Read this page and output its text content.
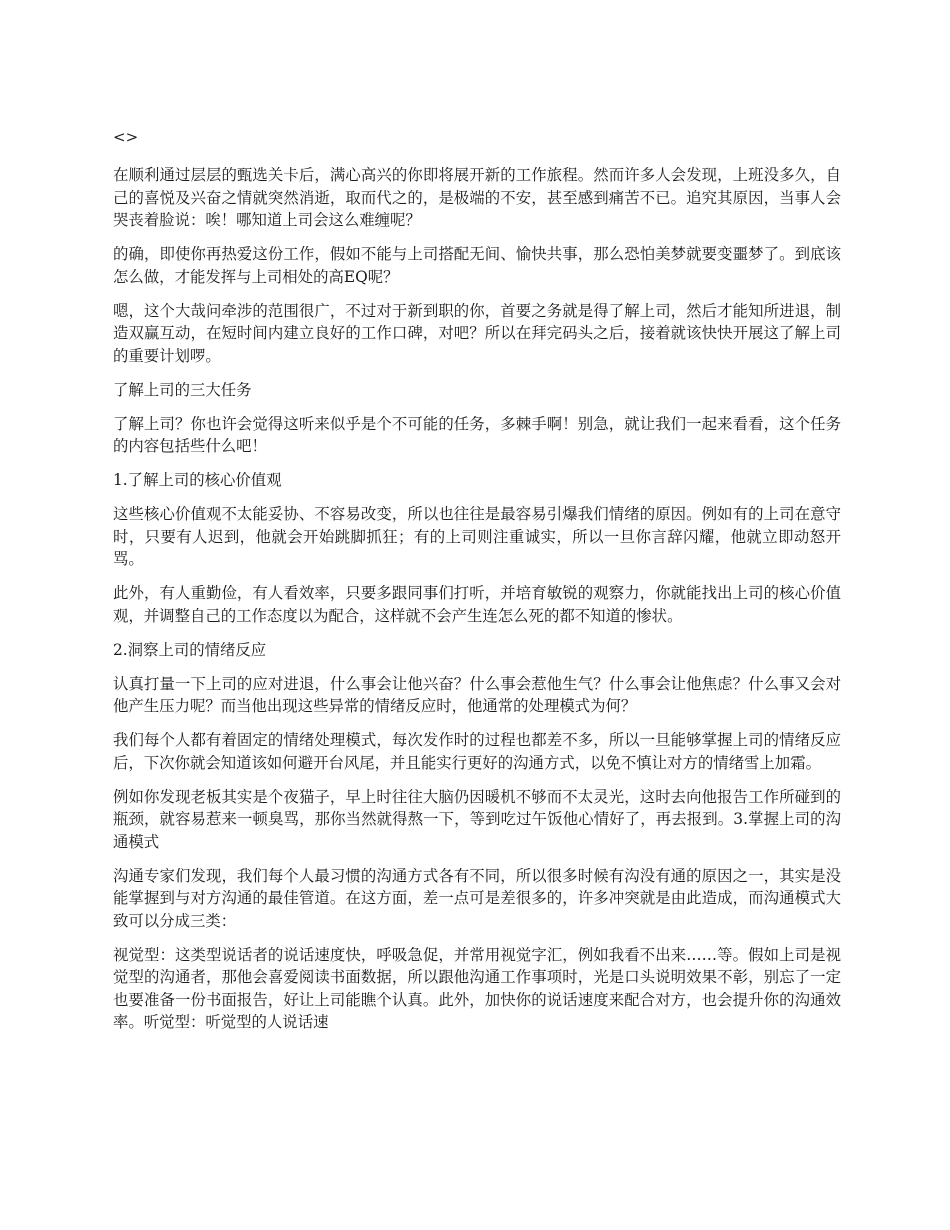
<>

在顺利通过层层的甄选关卡后，满心高兴的你即将展开新的工作旅程。然而许多人会发现，上班没多久，自己的喜悦及兴奋之情就突然消逝，取而代之的，是极端的不安，甚至感到痛苦不已。追究其原因，当事人会哭丧着脸说：唉！哪知道上司会这么难缠呢？

的确，即使你再热爱这份工作，假如不能与上司搭配无间、愉快共事，那么恐怕美梦就要变噩梦了。到底该怎么做，才能发挥与上司相处的高EQ呢？

嗯，这个大哉问牵涉的范围很广，不过对于新到职的你，首要之务就是得了解上司，然后才能知所进退，制造双赢互动，在短时间内建立良好的工作口碑，对吧？所以在拜完码头之后，接着就该快快开展这了解上司的重要计划啰。

了解上司的三大任务

了解上司？你也许会觉得这听来似乎是个不可能的任务，多棘手啊！别急，就让我们一起来看看，这个任务的内容包括些什么吧！

1.了解上司的核心价值观

这些核心价值观不太能妥协、不容易改变，所以也往往是最容易引爆我们情绪的原因。例如有的上司在意守时，只要有人迟到，他就会开始跳脚抓狂；有的上司则注重诚实，所以一旦你言辞闪耀，他就立即动怒开骂。

此外，有人重勤俭，有人看效率，只要多跟同事们打听，并培育敏锐的观察力，你就能找出上司的核心价值观，并调整自己的工作态度以为配合，这样就不会产生连怎么死的都不知道的惨状。

2.洞察上司的情绪反应

认真打量一下上司的应对进退，什么事会让他兴奋？什么事会惹他生气？什么事会让他焦虑？什么事又会对他产生压力呢？而当他出现这些异常的情绪反应时，他通常的处理模式为何？

我们每个人都有着固定的情绪处理模式，每次发作时的过程也都差不多，所以一旦能够掌握上司的情绪反应后，下次你就会知道该如何避开台风尾，并且能实行更好的沟通方式，以免不慎让对方的情绪雪上加霜。

例如你发现老板其实是个夜猫子，早上时往往大脑仍因暖机不够而不太灵光，这时去向他报告工作所碰到的瓶颈，就容易惹来一顿臭骂，那你当然就得熬一下，等到吃过午饭他心情好了，再去报到。3.掌握上司的沟通模式

沟通专家们发现，我们每个人最习惯的沟通方式各有不同，所以很多时候有沟没有通的原因之一，其实是没能掌握到与对方沟通的最佳管道。在这方面，差一点可是差很多的，许多冲突就是由此造成，而沟通模式大致可以分成三类：

视觉型：这类型说话者的说话速度快，呼吸急促，并常用视觉字汇，例如我看不出来……等。假如上司是视觉型的沟通者，那他会喜爱阅读书面数据，所以跟他沟通工作事项时，光是口头说明效果不彰，别忘了一定也要准备一份书面报告，好让上司能瞧个认真。此外，加快你的说话速度来配合对方，也会提升你的沟通效率。听觉型：听觉型的人说话速
